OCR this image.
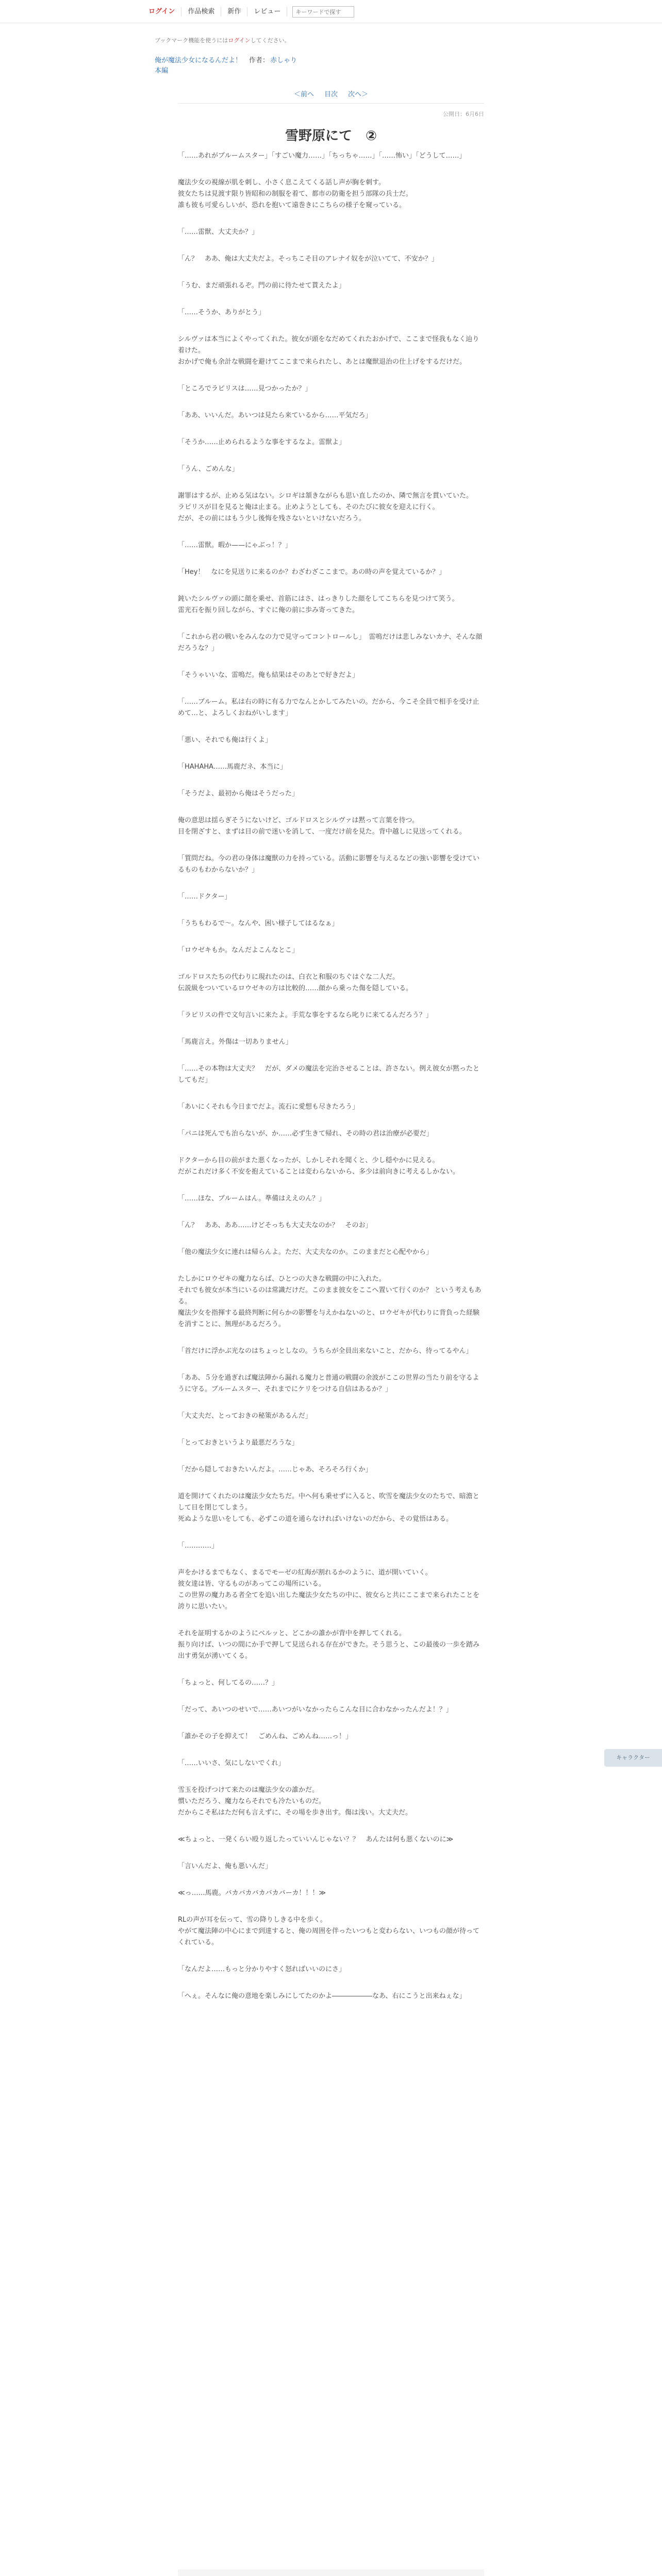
ログイン	作品検索	新作	レビュー
キーワードで探す
ブックマーク機能を使うにはログインしてください。
俺が魔法少女になるんだよ！ 作者： 赤しゃり
本編
＜前へ 目次 次へ＞
公開日：6月6日
雪野原にて　②

「……あれがブルームスター」「すごい魔力……」「ちっちゃ……」「……怖い」「どうして……」

魔法少女の視線が肌を刺し、小さく息こえてくる話し声が胸を刺す。
彼女たちは見渡す限り皆昭和の制服を着て、都市の防衛を担う部隊の兵士だ。
誰も彼も可愛らしいが、恐れを抱いて遠巻きにこちらの様子を窺っている。

「……雷獣、大丈夫か？」

「ん？　ああ、俺は大丈夫だよ。そっちこそ目のアレナイ奴をが泣いてて、不安か？」

「うむ、まだ頑張れるぞ。門の前に待たせて貰えたよ」

「……そうか、ありがとう」

シルヴァは本当によくやってくれた。彼女が頭をなだめてくれたおかげで、ここまで怪我もなく辿り着けた。
おかげで俺も余計な戦闘を避けてここまで来られたし、あとは魔獣退治の仕上げをするだけだ。

「ところでラピリスは……見つかったか？」

「ああ、いいんだ。あいつは見たら来ているから……平気だろ」

「そうか……止められるような事をするなよ。雷獣よ」

「うん、ごめんな」

謝罪はするが、止める気はない。シロギは頷きながらも思い直したのか、隣で無言を貫いていた。
ラピリスが目を見ると俺は止まる。止めようとしても、そのたびに彼女を迎えに行く。
だが、その前にはもう少し後悔を残さないといけないだろう。

「……雷獣。暇か——にゃぶっ！？」

「Hey！　なにを見送りに来るのか？わざわざここまで。あの時の声を覚えているか？」

鈍いたシルヴァの頭に顔を乗せ、首筋にはさ、はっきりした顔をしてこちらを見つけて笑う。
雷光石を振り回しながら、すぐに俺の前に歩み寄ってきた。

「これから君の戦いをみんなの力で見守ってコントロールし」　雷鳴だけは悲しみないカナ、そんな顔だろうな？」

「そうゃいいな、雷鳴だ。俺も結果はそのあとで好きだよ」

「……ブルーム。私は右の時に有る力でなんとかしてみたいの。だから、今こそ全員で相手を受け止めて…と、よろしくおねがいします」

「悪い、それでも俺は行くよ」

「HAHAHA……馬鹿だネ、本当に」

「そうだよ、最初から俺はそうだった」

俺の意思は揺らぎそうにないけど、ゴルドロスとシルヴァは黙って言葉を待つ。
目を閉ざすと、まずは目の前で迷いを消して、一度だけ前を見た。背中越しに見送ってくれる。

「質問だね。今の君の身体は魔獣の力を持っている。活動に影響を与えるなどの強い影響を受けているものもわからないか？」

「……ドクター」

「うちもわるで〜。なんや、困い様子してはるなぁ」

「ロウゼキもか。なんだよこんなとこ」

ゴルドロスたちの代わりに現れたのは、白衣と和服のちぐはぐな二人だ。
伝説級をついているロウゼキの方は比較的……顔から乗った傷を隠している。

「ラピリスの件で文句言いに来たよ。手荒な事をするなら叱りに来てるんだろう？」

「馬鹿言え。外傷は一切ありません」

「……その本物は大丈夫？　だが、ダメの魔法を完治させることは、許さない。例え彼女が黙ったとしてもだ」

「あいにくそれも今日までだよ。流石に愛想も尽きたろう」

「パニは死んでも治らないが、か……必ず生きて帰れ、その時の君は治療が必要だ」

ドクターから目の前がまた悪くなったが、しかしそれを聞くと、少し穏やかに見える。
だがこれだけ多く不安を抱えていることは変わらないから、多少は前向きに考えるしかない。

「……ほな、ブルームはん。準備はええのん？」

「ん？　ああ、ああ……けどそっちも大丈夫なのか？　そのお」

「他の魔法少女に連れは帰らんよ。ただ、大丈夫なのか。このままだと心配やから」

たしかにロウゼキの魔力ならば、ひとつの大きな戦闘の中に入れた。
それでも彼女が本当にいるのは常識だけだ。このまま彼女をここへ置いて行くのか？ という考えもある。
魔法少女を指揮する最終判断に何らかの影響を与えかねないのと、ロウゼキが代わりに背負った経験を消すことに、無理があるだろう。

「首だけに浮かぶ光なのはちょっとしなの。うちらが全員出来ないこと、だから、待ってるやん」

「ああ、５分を過ぎれば魔法陣から漏れる魔力と普通の戦闘の余波がここの世界の当たり前を守るように守る。ブルームスター、それまでにケリをつける自信はあるか？」

「大丈夫だ、とっておきの秘策があるんだ」

「とっておきというより最悪だろうな」

「だから隠しておきたいんだよ。……じゃあ、そろそろ行くか」

道を開けてくれたのは魔法少女たちだ。中へ何も乗せずに入ると、吹雪を魔法少女のたちで、暗澹として目を閉じてしまう。
死ぬような思いをしても、必ずこの道を通らなければいけないのだから、その覚悟はある。

「…………」

声をかけるまでもなく、まるでモーゼの紅海が割れるかのように、道が開いていく。
彼女達は皆、守るものがあってこの場所にいる。
この世界の魔力ある者全てを追い出した魔法少女たちの中に、彼女らと共にここまで来られたことを誇りに思いたい。

それを証明するかのようにベルッと、どこかの誰かが背中を押してくれる。
振り向けば、いつの間にか手で押して見送られる存在ができた。そう思うと、この最後の一歩を踏み出す勇気が湧いてくる。

「ちょっと、何してるの……？」

「だって、あいつのせいで……あいつがいなかったらこんな目に合わなかったんだよ！？」

「誰かその子を抑えて！　ごめんね、ごめんね……っ！」

「……いいさ、気にしないでくれ」

雪玉を投げつけて来たのは魔法少女の誰かだ。
慣いただろう、魔力ならそれでも冷たいものだ。
だからこそ私はただ何も言えずに、その場を歩き出す。傷は浅い。大丈夫だ。

≪ちょっと、一発くらい殴り返したっていいんじゃない？？　あんたは何も悪くないのに≫

「言いんだよ、俺も悪いんだ」

≪っ……馬鹿。バカバカバカバカバーカ！！！≫

RLの声が耳を伝って、雪の降りしきる中を歩く。
やがて魔法陣の中心にまで到達すると、俺の周囲を伴ったいつもと変わらない、いつもの顔が待ってくれている。

「なんだよ……もっと分かりやすく怒ればいいのにさ」

「へぇ。そんなに俺の意地を楽しみにしてたのかよ――――――なあ、右にこうと出来ねぇな」

キャラクター
